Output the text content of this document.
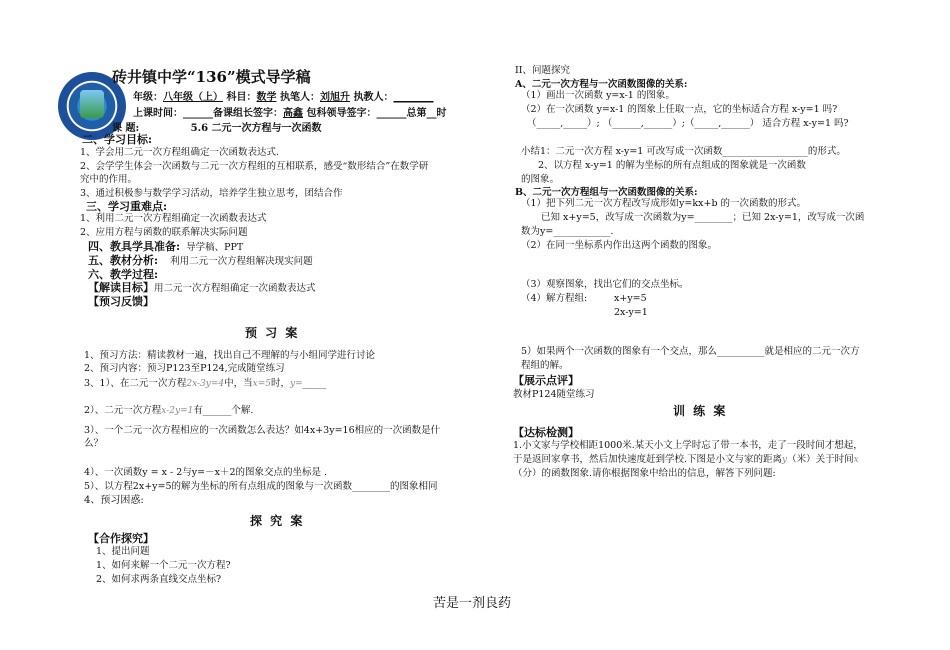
砖井镇中学“136”模式导学稿
年级：八年级（上） 科目：数学 执笔人：刘旭升 执教人：________
上课时间：______备课组长签字：高鑫 包科领导签字：______总第__时
课 题:	5.6 二元一次方程与一次函数
二、学习目标:
1、学会用二元一次方程组确定一次函数表达式.
2、会学学生体会一次函数与二元一次方程组的互相联系，感受“数形结合”在数学研
究中的作用。
3、通过积极参与数学学习活动，培养学生独立思考，团结合作
三、学习重难点:
1、利用二元一次方程组确定一次函数表达式
2、应用方程与函数的联系解决实际问题
四、教具学具准备: 导学稿、PPT
五、教材分析: 利用二元一次方程组解决现实问题
六、教学过程:
【解读目标】用二元一次方程组确定一次函数表达式
【预习反馈】
预 习 案
1、预习方法：精读教材一遍，找出自己不理解的与小组同学进行讨论
2、预习内容：预习P123至P124,完成随堂练习
3、1）、在二元一次方程2x-3y=4中，当x=5时，y=_____
2）、二元一次方程x-2y=1有______个解.
3）、一个二元一次方程相应的一次函数怎么表达？如4x+3y=16相应的一次函数是什
么？
4）、一次函数y = x - 2与y=－x＋2的图象交点的坐标是 .
5）、以方程2x+y=5的解为坐标的所有点组成的图象与一次函数________的图象相同
4、预习困惑:
探 究 案
【合作探究】
1、提出问题
1、如何来解一个二元一次方程?
2、如何求两条直线交点坐标?
II、问题探究
A、二元一次方程与一次函数图像的关系:
（1）画出一次函数 y=x-1 的图象。
（2）在一次函数 y=x-1 的图象上任取一点，它的坐标适合方程 x-y=1 吗?
（_____,_____）; （______,______）;（_____,______） 适合方程 x-y=1 吗?
小结1：二元一次方程 x-y=1 可改写成一次函数__________________的形式。
2、以方程 x-y=1 的解为坐标的所有点组成的图象就是一次函数
的图象。
B、二元一次方程组与一次函数图像的关系:
（1）把下列二元一次方程改写成形如y=kx+b 的一次函数的形式。
已知 x+y=5，改写成一次函数为y=________；已知 2x-y=1，改写成一次函
数为y=____________.
（2）在同一坐标系内作出这两个函数的图象。
（3）观察图象，找出它们的交点坐标。
（4）解方程组:	x+y=5
2x-y=1
5）如果两个一次函数的图象有一个交点，那么__________就是相应的二元一次方
程组的解。
【展示点评】
教材P124随堂练习
训 练 案
【达标检测】
1.小文家与学校相距1000米.某天小文上学时忘了带一本书，走了一段时间才想起，
于是返回家拿书，然后加快速度赶到学校.下图是小文与家的距离y（米）关于时间x
（分）的函数图象.请你根据图象中给出的信息，解答下列问题:
苦是一剂良药
